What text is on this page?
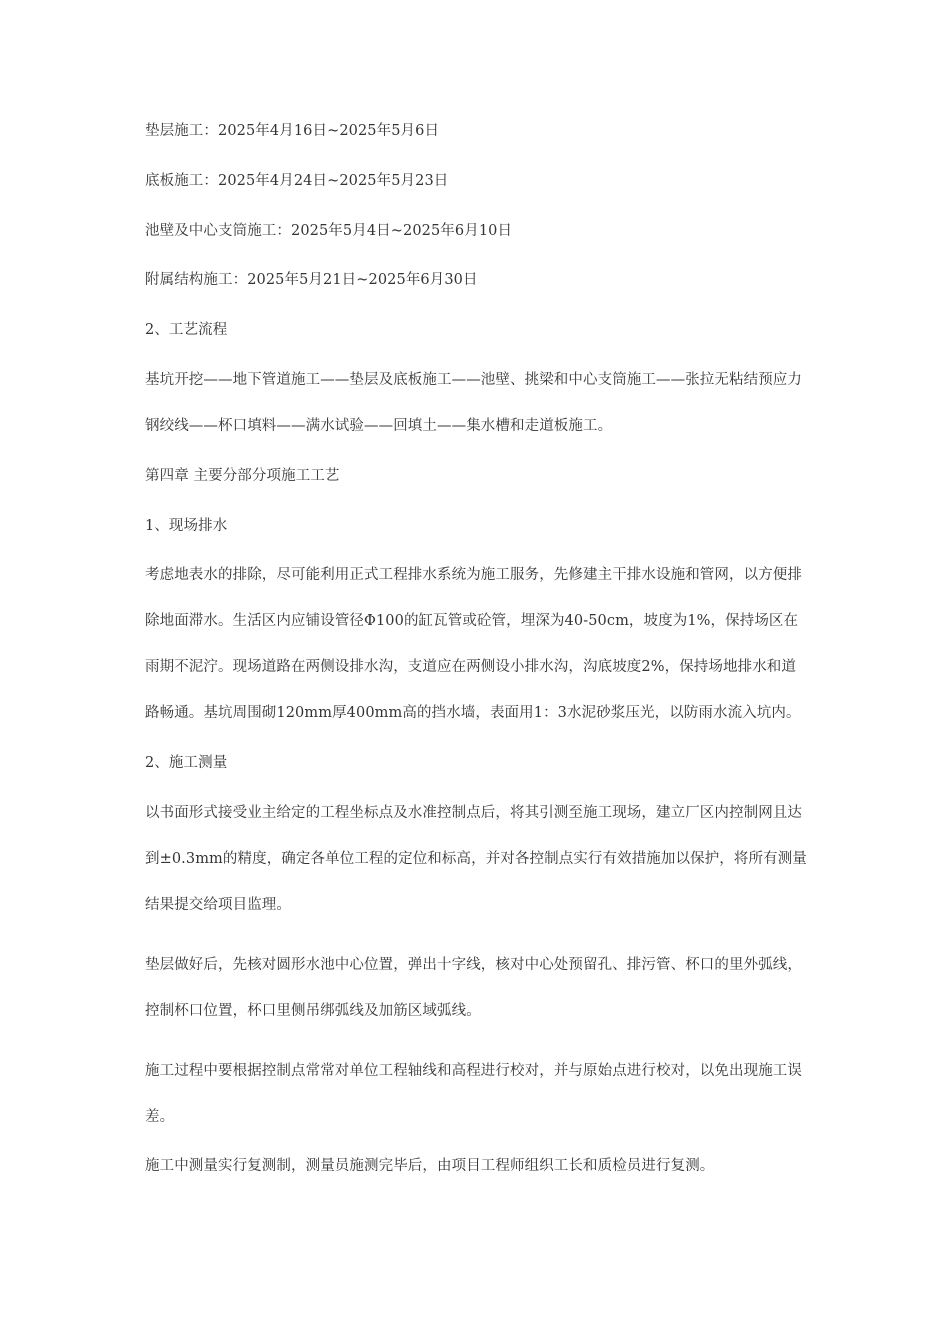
垫层施工：2025年4月16日~2025年5月6日

底板施工：2025年4月24日~2025年5月23日

池壁及中心支筒施工：2025年5月4日~2025年6月10日

附属结构施工：2025年5月21日~2025年6月30日

2、工艺流程

基坑开挖——地下管道施工——垫层及底板施工——池壁、挑梁和中心支筒施工——张拉无粘结预应力钢绞线——杯口填料——满水试验——回填土——集水槽和走道板施工。

第四章 主要分部分项施工工艺

1、现场排水

考虑地表水的排除，尽可能利用正式工程排水系统为施工服务，先修建主干排水设施和管网，以方便排除地面滞水。生活区内应铺设管径Φ100的缸瓦管或砼管，埋深为40-50cm，坡度为1%，保持场区在雨期不泥泞。现场道路在两侧设排水沟，支道应在两侧设小排水沟，沟底坡度2%，保持场地排水和道路畅通。基坑周围砌120mm厚400mm高的挡水墙，表面用1：3水泥砂浆压光，以防雨水流入坑内。

2、施工测量

以书面形式接受业主给定的工程坐标点及水准控制点后，将其引测至施工现场，建立厂区内控制网且达到±0.3mm的精度，确定各单位工程的定位和标高，并对各控制点实行有效措施加以保护，将所有测量结果提交给项目监理。

垫层做好后，先核对圆形水池中心位置，弹出十字线，核对中心处预留孔、排污管、杯口的里外弧线，控制杯口位置，杯口里侧吊绑弧线及加筋区域弧线。

施工过程中要根据控制点常常对单位工程轴线和高程进行校对，并与原始点进行校对，以免出现施工误差。

施工中测量实行复测制，测量员施测完毕后，由项目工程师组织工长和质检员进行复测。
